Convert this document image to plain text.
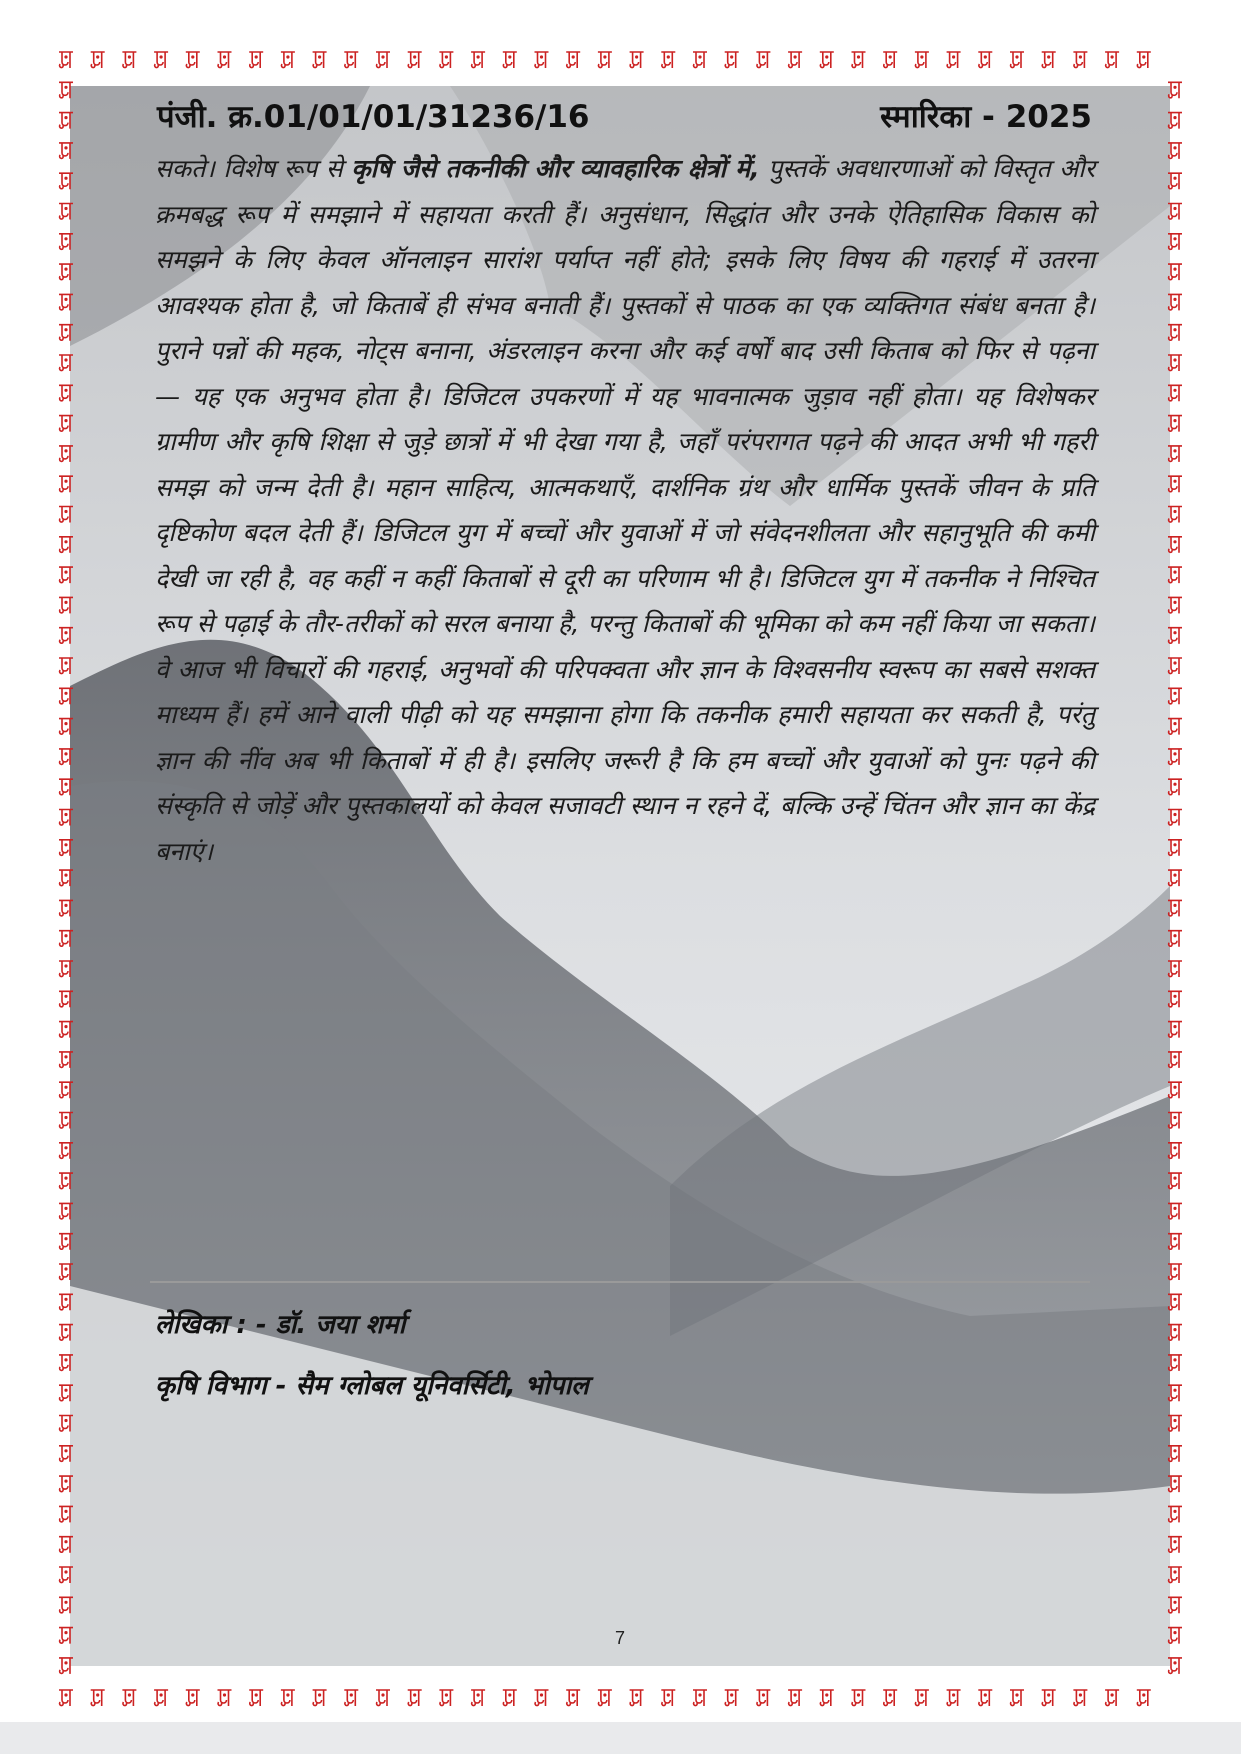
पंजी. क्र.01/01/01/31236/16	स्मारिका - 2025
सकते। विशेष रूप से कृषि जैसे तकनीकी और व्यावहारिक क्षेत्रों में, पुस्तकें अवधारणाओं को विस्तृत और क्रमबद्ध रूप में समझाने में सहायता करती हैं। अनुसंधान, सिद्धांत और उनके ऐतिहासिक विकास को समझने के लिए केवल ऑनलाइन सारांश पर्याप्त नहीं होते; इसके लिए विषय की गहराई में उतरना आवश्यक होता है, जो किताबें ही संभव बनाती हैं। पुस्तकों से पाठक का एक व्यक्तिगत संबंध बनता है। पुराने पन्नों की महक, नोट्स बनाना, अंडरलाइन करना और कई वर्षों बाद उसी किताब को फिर से पढ़ना — यह एक अनुभव होता है। डिजिटल उपकरणों में यह भावनात्मक जुड़ाव नहीं होता। यह विशेषकर ग्रामीण और कृषि शिक्षा से जुड़े छात्रों में भी देखा गया है, जहाँ परंपरागत पढ़ने की आदत अभी भी गहरी समझ को जन्म देती है। महान साहित्य, आत्मकथाएँ, दार्शनिक ग्रंथ और धार्मिक पुस्तकें जीवन के प्रति दृष्टिकोण बदल देती हैं। डिजिटल युग में बच्चों और युवाओं में जो संवेदनशीलता और सहानुभूति की कमी देखी जा रही है, वह कहीं न कहीं किताबों से दूरी का परिणाम भी है। डिजिटल युग में तकनीक ने निश्चित रूप से पढ़ाई के तौर-तरीकों को सरल बनाया है, परन्तु किताबों की भूमिका को कम नहीं किया जा सकता। वे आज भी विचारों की गहराई, अनुभवों की परिपक्वता और ज्ञान के विश्वसनीय स्वरूप का सबसे सशक्त माध्यम हैं। हमें आने वाली पीढ़ी को यह समझाना होगा कि तकनीक हमारी सहायता कर सकती है, परंतु ज्ञान की नींव अब भी किताबों में ही है। इसलिए जरूरी है कि हम बच्चों और युवाओं को पुनः पढ़ने की संस्कृति से जोड़ें और पुस्तकालयों को केवल सजावटी स्थान न रहने दें, बल्कि उन्हें चिंतन और ज्ञान का केंद्र बनाएं।
लेखिका : - डॉ. जया शर्मा
कृषि विभाग - सैम ग्लोबल यूनिवर्सिटी, भोपाल
7
